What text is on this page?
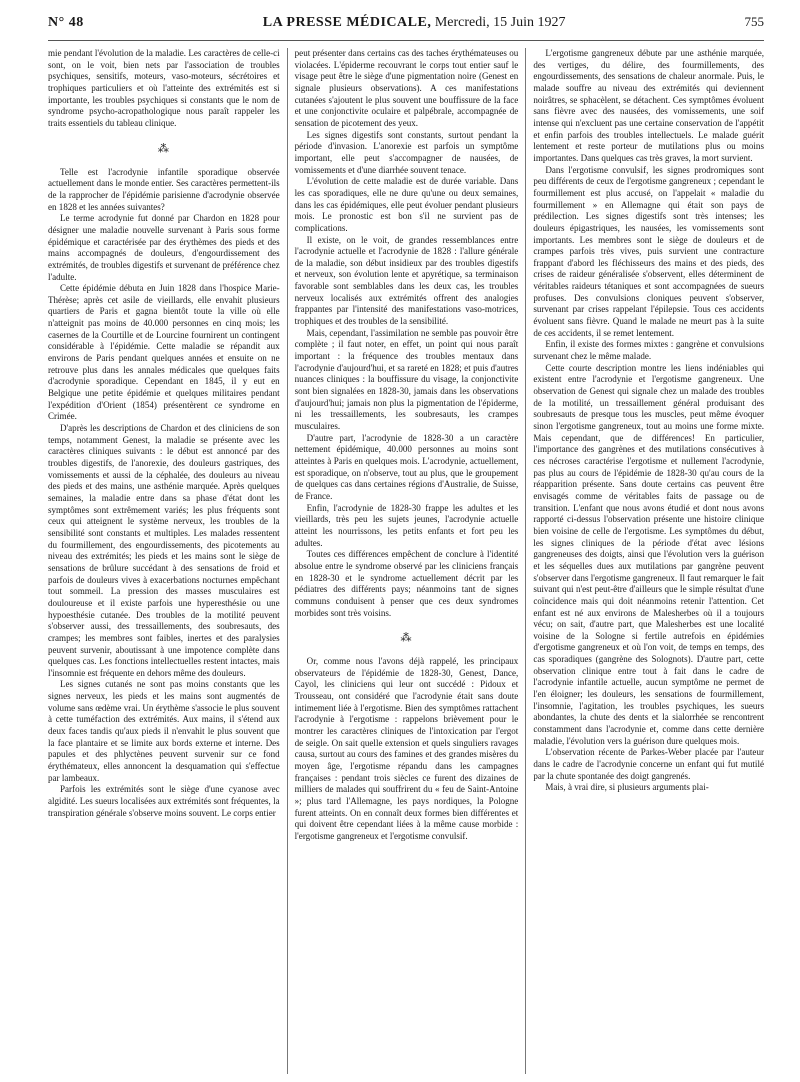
N° 48	LA PRESSE MÉDICALE, Mercredi, 15 Juin 1927	755

mie pendant l'évolution de la maladie. Les caractères de celle-ci sont, on le voit, bien nets par l'association de troubles psychiques, sensitifs, moteurs, vaso-moteurs, sécrétoires et trophiques particuliers et où l'atteinte des extrémités est si importante, les troubles psychiques si constants que le nom de syndrome psycho-acropathologique nous paraît rappeler les traits essentiels du tableau clinique.

⁂

Telle est l'acrodynie infantile sporadique observée actuellement dans le monde entier. Ses caractères permettent-ils de la rapprocher de l'épidémie parisienne d'acrodynie observée en 1828 et les années suivantes?

Le terme acrodynie fut donné par Chardon en 1828 pour désigner une maladie nouvelle survenant à Paris sous forme épidémique et caractérisée par des érythèmes des pieds et des mains accompagnés de douleurs, d'engourdissement des extrémités, de troubles digestifs et survenant de préférence chez l'adulte.

Cette épidémie débuta en Juin 1828 dans l'hospice Marie-Thérèse; après cet asile de vieillards, elle envahit plusieurs quartiers de Paris et gagna bientôt toute la ville où elle n'atteignit pas moins de 40.000 personnes en cinq mois; les casernes de la Courtille et de Lourcine fournirent un contingent considérable à l'épidémie. Cette maladie se répandit aux environs de Paris pendant quelques années et ensuite on ne retrouve plus dans les annales médicales que quelques faits d'acrodynie sporadique. Cependant en 1845, il y eut en Belgique une petite épidémie et quelques militaires pendant l'expédition d'Orient (1854) présentèrent ce syndrome en Crimée.

D'après les descriptions de Chardon et des cliniciens de son temps, notamment Genest, la maladie se présente avec les caractères cliniques suivants : le début est annoncé par des troubles digestifs, de l'anorexie, des douleurs gastriques, des vomissements et aussi de la céphalée, des douleurs au niveau des pieds et des mains, une asthénie marquée. Après quelques semaines, la maladie entre dans sa phase d'état dont les symptômes sont extrêmement variés; les plus fréquents sont ceux qui atteignent le système nerveux, les troubles de la sensibilité sont constants et multiples. Les malades ressentent du fourmillement, des engourdissements, des picotements au niveau des extrémités; les pieds et les mains sont le siège de sensations de brûlure succédant à des sensations de froid et parfois de douleurs vives à exacerbations nocturnes empêchant tout sommeil. La pression des masses musculaires est douloureuse et il existe parfois une hyperesthésie ou une hypoesthésie cutanée. Des troubles de la motilité peuvent s'observer aussi, des tressaillements, des soubresauts, des crampes; les membres sont faibles, inertes et des paralysies peuvent survenir, aboutissant à une impotence complète dans quelques cas. Les fonctions intellectuelles restent intactes, mais l'insomnie est fréquente en dehors même des douleurs.

Les signes cutanés ne sont pas moins constants que les signes nerveux, les pieds et les mains sont augmentés de volume sans œdème vrai. Un érythème s'associe le plus souvent à cette tuméfaction des extrémités. Aux mains, il s'étend aux deux faces tandis qu'aux pieds il n'envahit le plus souvent que la face plantaire et se limite aux bords externe et interne. Des papules et des phlyctènes peuvent survenir sur ce fond érythémateux, elles annoncent la desquamation qui s'effectue par lambeaux.

Parfois les extrémités sont le siège d'une cyanose avec algidité. Les sueurs localisées aux extrémités sont fréquentes, la transpiration générale s'observe moins souvent. Le corps entier

peut présenter dans certains cas des taches érythémateuses ou violacées. L'épiderme recouvrant le corps tout entier sauf le visage peut être le siège d'une pigmentation noire (Genest en signale plusieurs observations). A ces manifestations cutanées s'ajoutent le plus souvent une bouffissure de la face et une conjonctivite oculaire et palpébrale, accompagnée de sensation de picotement des yeux.

Les signes digestifs sont constants, surtout pendant la période d'invasion. L'anorexie est parfois un symptôme important, elle peut s'accompagner de nausées, de vomissements et d'une diarrhée souvent tenace.

L'évolution de cette maladie est de durée variable. Dans les cas sporadiques, elle ne dure qu'une ou deux semaines, dans les cas épidémiques, elle peut évoluer pendant plusieurs mois. Le pronostic est bon s'il ne survient pas de complications.

Il existe, on le voit, de grandes ressemblances entre l'acrodynie actuelle et l'acrodynie de 1828 : l'allure générale de la maladie, son début insidieux par des troubles digestifs et nerveux, son évolution lente et apyrétique, sa terminaison favorable sont semblables dans les deux cas, les troubles nerveux localisés aux extrémités offrent des analogies frappantes par l'intensité des manifestations vaso-motrices, trophiques et des troubles de la sensibilité.

Mais, cependant, l'assimilation ne semble pas pouvoir être complète ; il faut noter, en effet, un point qui nous paraît important : la fréquence des troubles mentaux dans l'acrodynie d'aujourd'hui, et sa rareté en 1828; et puis d'autres nuances cliniques : la bouffissure du visage, la conjonctivite sont bien signalées en 1828-30, jamais dans les observations d'aujourd'hui; jamais non plus la pigmentation de l'épiderme, ni les tressaillements, les soubresauts, les crampes musculaires.

D'autre part, l'acrodynie de 1828-30 a un caractère nettement épidémique, 40.000 personnes au moins sont atteintes à Paris en quelques mois. L'acrodynie, actuellement, est sporadique, on n'observe, tout au plus, que le groupement de quelques cas dans certaines régions d'Australie, de Suisse, de France.

Enfin, l'acrodynie de 1828-30 frappe les adultes et les vieillards, très peu les sujets jeunes, l'acrodynie actuelle atteint les nourrissons, les petits enfants et fort peu les adultes.

Toutes ces différences empêchent de conclure à l'identité absolue entre le syndrome observé par les cliniciens français en 1828-30 et le syndrome actuellement décrit par les pédiatres des différents pays; néanmoins tant de signes communs conduisent à penser que ces deux syndromes morbides sont très voisins.

⁂

Or, comme nous l'avons déjà rappelé, les principaux observateurs de l'épidémie de 1828-30, Genest, Dance, Cayol, les cliniciens qui leur ont succédé : Pidoux et Trousseau, ont considéré que l'acrodynie était sans doute intimement liée à l'ergotisme. Bien des symptômes rattachent l'acrodynie à l'ergotisme : rappelons brièvement pour le montrer les caractères cliniques de l'intoxication par l'ergot de seigle. On sait quelle extension et quels singuliers ravages causa, surtout au cours des famines et des grandes misères du moyen âge, l'ergotisme répandu dans les campagnes françaises : pendant trois siècles ce furent des dizaines de milliers de malades qui souffrirent du « feu de Saint-Antoine »; plus tard l'Allemagne, les pays nordiques, la Pologne furent atteints. On en connaît deux formes bien différentes et qui doivent être cependant liées à la même cause morbide : l'ergotisme gangreneux et l'ergotisme convulsif.

L'ergotisme gangreneux débute par une asthénie marquée, des vertiges, du délire, des fourmillements, des engourdissements, des sensations de chaleur anormale. Puis, le malade souffre au niveau des extrémités qui deviennent noirâtres, se sphacèlent, se détachent. Ces symptômes évoluent sans fièvre avec des nausées, des vomissements, une soif intense qui n'excluent pas une certaine conservation de l'appétit et enfin parfois des troubles intellectuels. Le malade guérit lentement et reste porteur de mutilations plus ou moins importantes. Dans quelques cas très graves, la mort survient.

Dans l'ergotisme convulsif, les signes prodromiques sont peu différents de ceux de l'ergotisme gangreneux ; cependant le fourmillement est plus accusé, on l'appelait « maladie du fourmillement » en Allemagne qui était son pays de prédilection. Les signes digestifs sont très intenses; les douleurs épigastriques, les nausées, les vomissements sont importants. Les membres sont le siège de douleurs et de crampes parfois très vives, puis survient une contracture frappant d'abord les fléchisseurs des mains et des pieds, des crises de raideur généralisée s'observent, elles déterminent de véritables raideurs tétaniques et sont accompagnées de sueurs profuses. Des convulsions cloniques peuvent s'observer, survenant par crises rappelant l'épilepsie. Tous ces accidents évoluent sans fièvre. Quand le malade ne meurt pas à la suite de ces accidents, il se remet lentement.

Enfin, il existe des formes mixtes : gangrène et convulsions survenant chez le même malade.

Cette courte description montre les liens indéniables qui existent entre l'acrodynie et l'ergotisme gangreneux. Une observation de Genest qui signale chez un malade des troubles de la motilité, un tressaillement général produisant des soubresauts de presque tous les muscles, peut même évoquer sinon l'ergotisme gangreneux, tout au moins une forme mixte. Mais cependant, que de différences! En particulier, l'importance des gangrènes et des mutilations consécutives à ces nécroses caractérise l'ergotisme et nullement l'acrodynie, pas plus au cours de l'épidémie de 1828-30 qu'au cours de la réapparition présente. Sans doute certains cas peuvent être envisagés comme de véritables faits de passage ou de transition. L'enfant que nous avons étudié et dont nous avons rapporté ci-dessus l'observation présente une histoire clinique bien voisine de celle de l'ergotisme. Les symptômes du début, les signes cliniques de la période d'état avec lésions gangreneuses des doigts, ainsi que l'évolution vers la guérison et les séquelles dues aux mutilations par gangrène peuvent s'observer dans l'ergotisme gangreneux. Il faut remarquer le fait suivant qui n'est peut-être d'ailleurs que le simple résultat d'une coïncidence mais qui doit néanmoins retenir l'attention. Cet enfant est né aux environs de Malesherbes où il a toujours vécu; on sait, d'autre part, que Malesherbes est une localité voisine de la Sologne si fertile autrefois en épidémies d'ergotisme gangreneux et où l'on voit, de temps en temps, des cas sporadiques (gangrène des Solognots). D'autre part, cette observation clinique entre tout à fait dans le cadre de l'acrodynie infantile actuelle, aucun symptôme ne permet de l'en éloigner; les douleurs, les sensations de fourmillement, l'insomnie, l'agitation, les troubles psychiques, les sueurs abondantes, la chute des dents et la sialorrhée se rencontrent constamment dans l'acrodynie et, comme dans cette dernière maladie, l'évolution vers la guérison dure quelques mois.

L'observation récente de Parkes-Weber placée par l'auteur dans le cadre de l'acrodynie concerne un enfant qui fut mutilé par la chute spontanée des doigt gangrenés.

Mais, à vrai dire, si plusieurs arguments plai-
